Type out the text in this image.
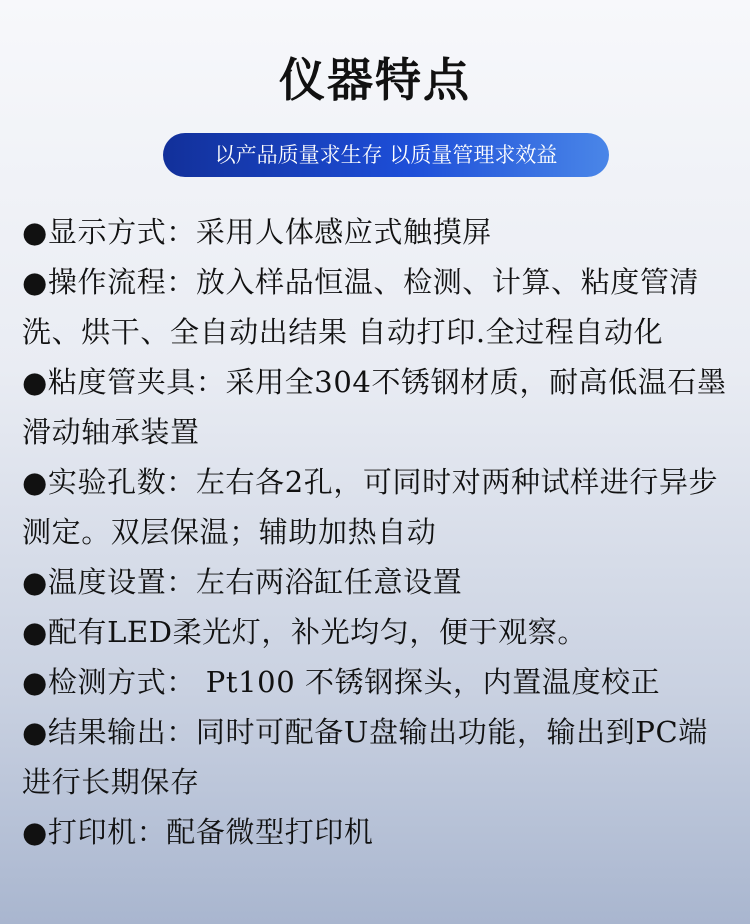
仪器特点
以产品质量求生存 以质量管理求效益

●显示方式：采用人体感应式触摸屏

●操作流程：放入样品恒温、检测、计算、粘度管清洗、烘干、全自动出结果 自动打印.全过程自动化

●粘度管夹具：采用全304不锈钢材质，耐高低温石墨滑动轴承装置

●实验孔数：左右各2孔，可同时对两种试样进行异步测定。双层保温；辅助加热自动

●温度设置：左右两浴缸任意设置

●配有LED柔光灯，补光均匀，便于观察。

●检测方式： Pt100 不锈钢探头，内置温度校正

●结果输出：同时可配备U盘输出功能，输出到PC端进行长期保存

●打印机：配备微型打印机
